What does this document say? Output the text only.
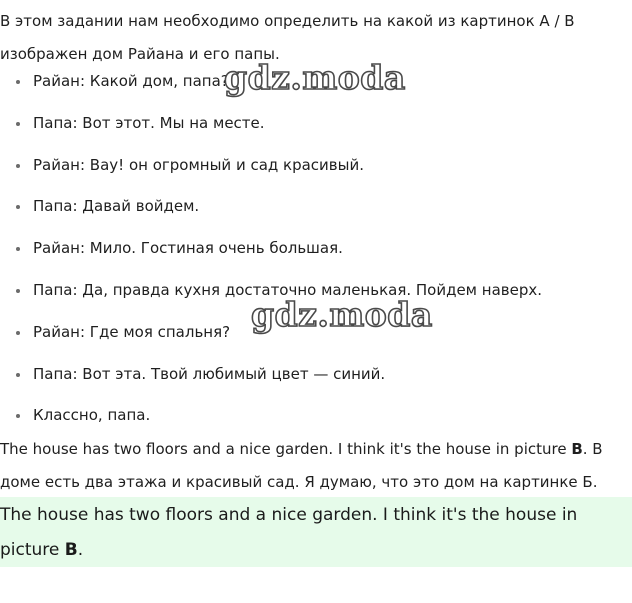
В этом задании нам необходимо определить на какой из картинок А / В изображен дом Райана и его папы.

Райан: Какой дом, папа?
Папа: Вот этот. Мы на месте.
Райан: Вау! он огромный и сад красивый.
Папа: Давай войдем.
Райан: Мило. Гостиная очень большая.
Папа: Да, правда кухня достаточно маленькая. Пойдем наверх.
Райан: Где моя спальня?
Папа: Вот эта. Твой любимый цвет — синий.
Классно, папа.

The house has two floors and a nice garden. I think it's the house in picture B. В доме есть два этажа и красивый сад. Я думаю, что это дом на картинке Б.

The house has two floors and a nice garden. I think it's the house in picture B.

gdz.moda
gdz.moda
